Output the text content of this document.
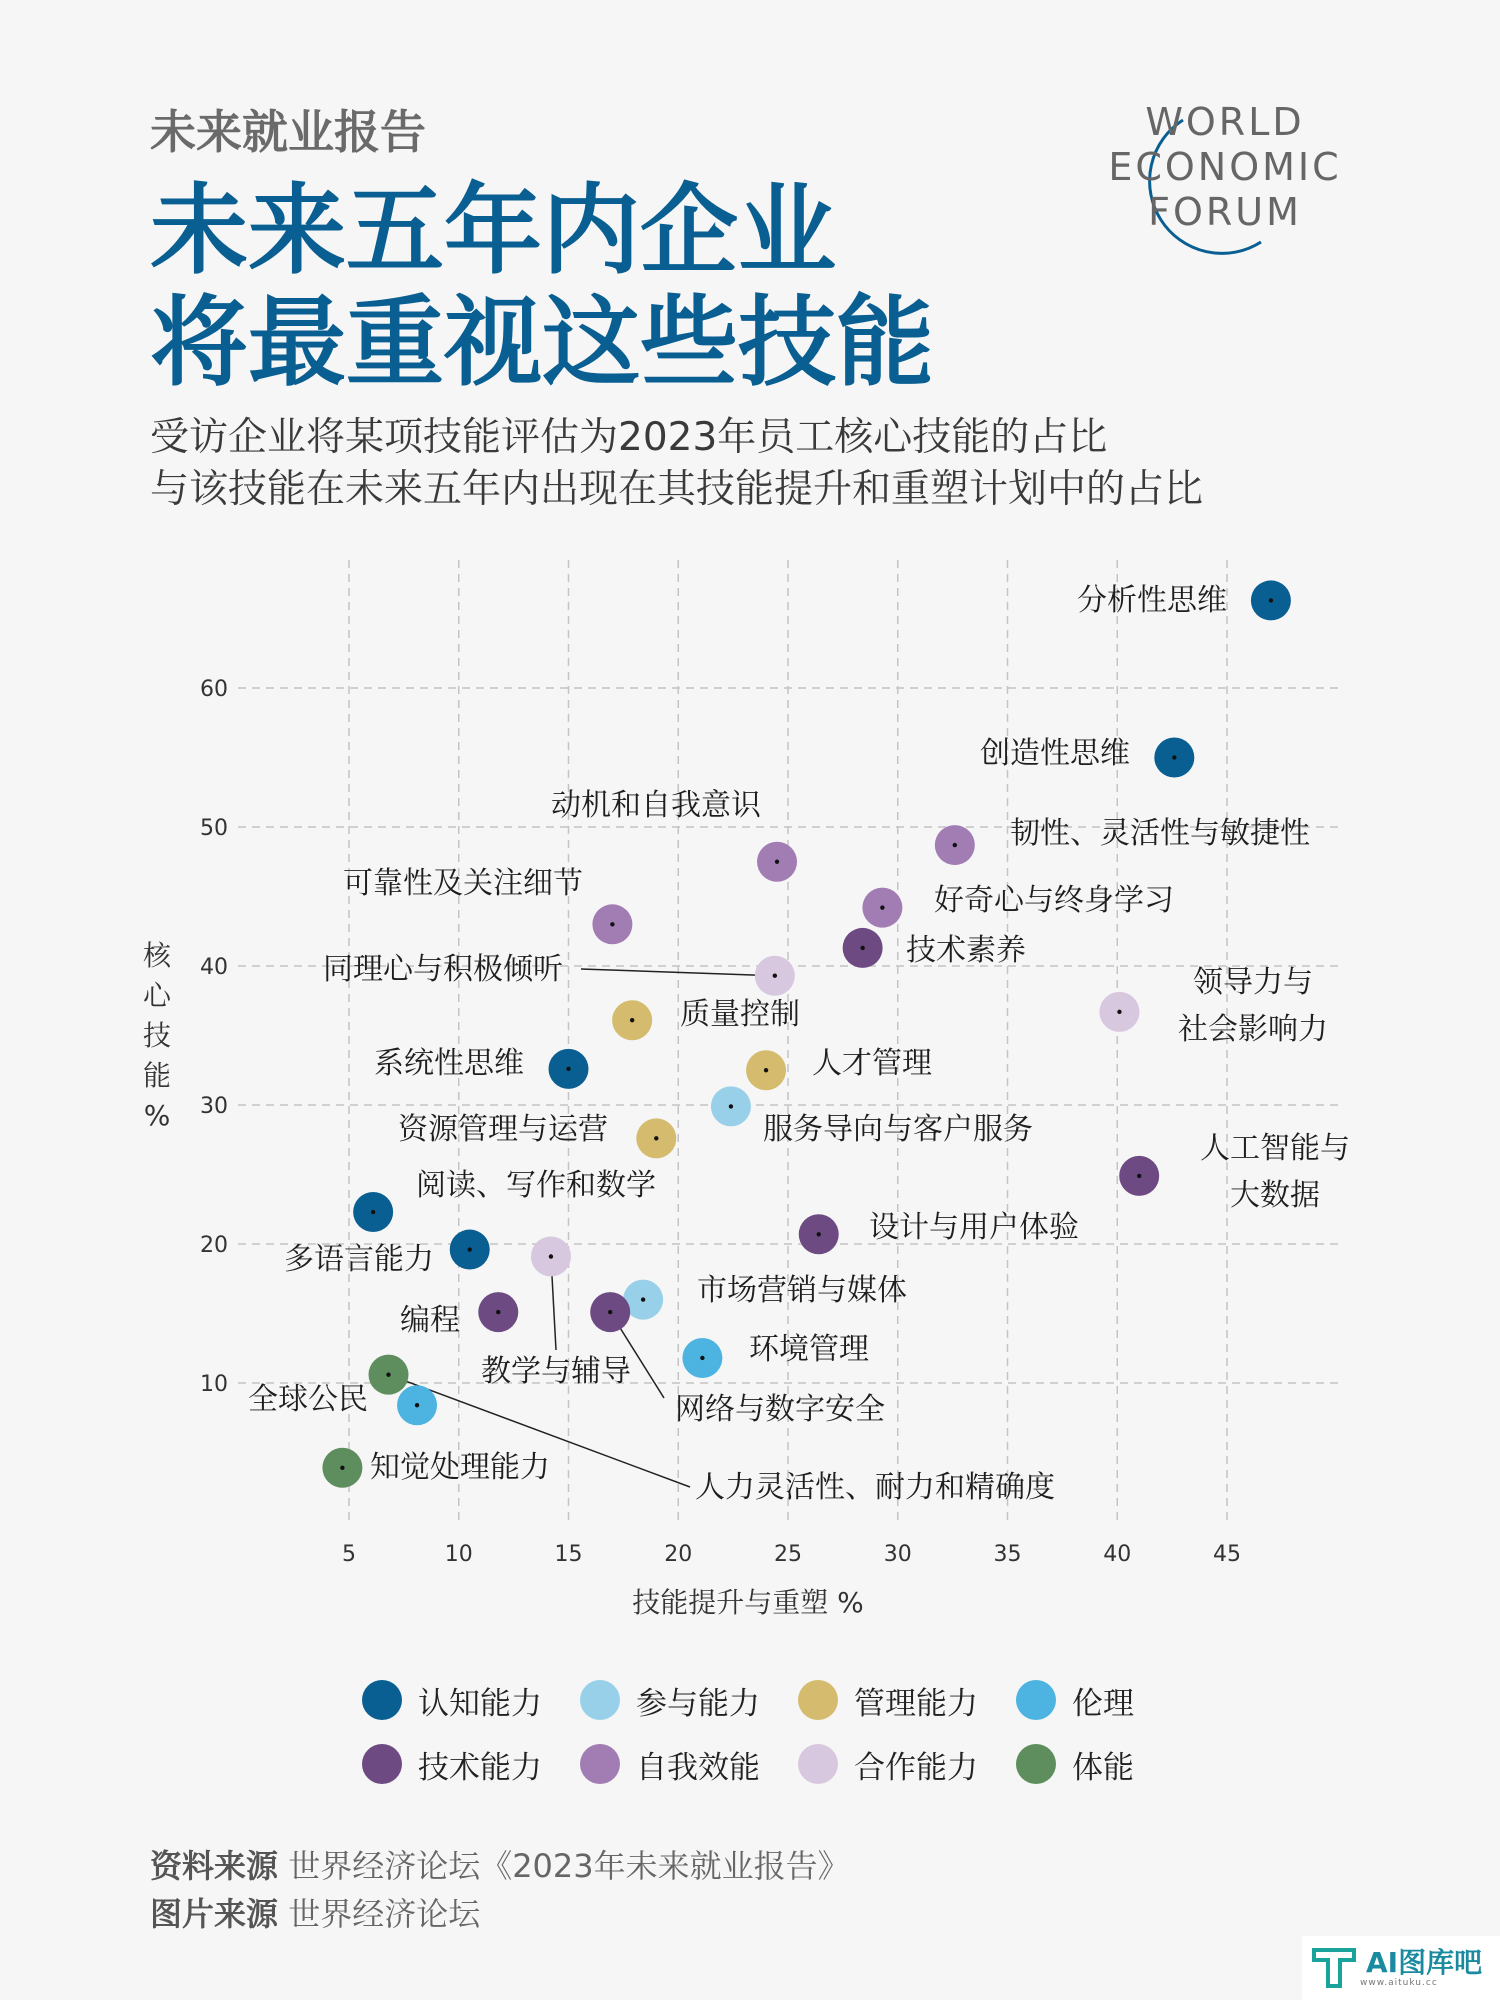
未来就业报告
未来五年内企业
将最重视这些技能
受访企业将某项技能评估为2023年员工核心技能的占比
与该技能在未来五年内出现在其技能提升和重塑计划中的占比
WORLD
ECONOMIC
FORUM
5	10	15	20	25	30	35	40	45
10
20
30
40
50
60
技能提升与重塑 %
核心技能%
分析性思维
创造性思维
动机和自我意识
韧性、灵活性与敏捷性
可靠性及关注细节	好奇心与终身学习
技术素养
同理心与积极倾听	领导力与社会影响力
质量控制
系统性思维	人才管理
服务导向与客户服务
资源管理与运营
人工智能与大数据
阅读、写作和数学
设计与用户体验
多语言能力
教学与辅导
市场营销与媒体
编程
网络与数字安全
环境管理
人力灵活性、耐力和精确度
全球公民
知觉处理能力
认知能力	参与能力	管理能力	伦理
技术能力	自我效能	合作能力	体能
资料来源 世界经济论坛《2023年未来就业报告》
图片来源 世界经济论坛
AI图库吧
www.aituku.cc
